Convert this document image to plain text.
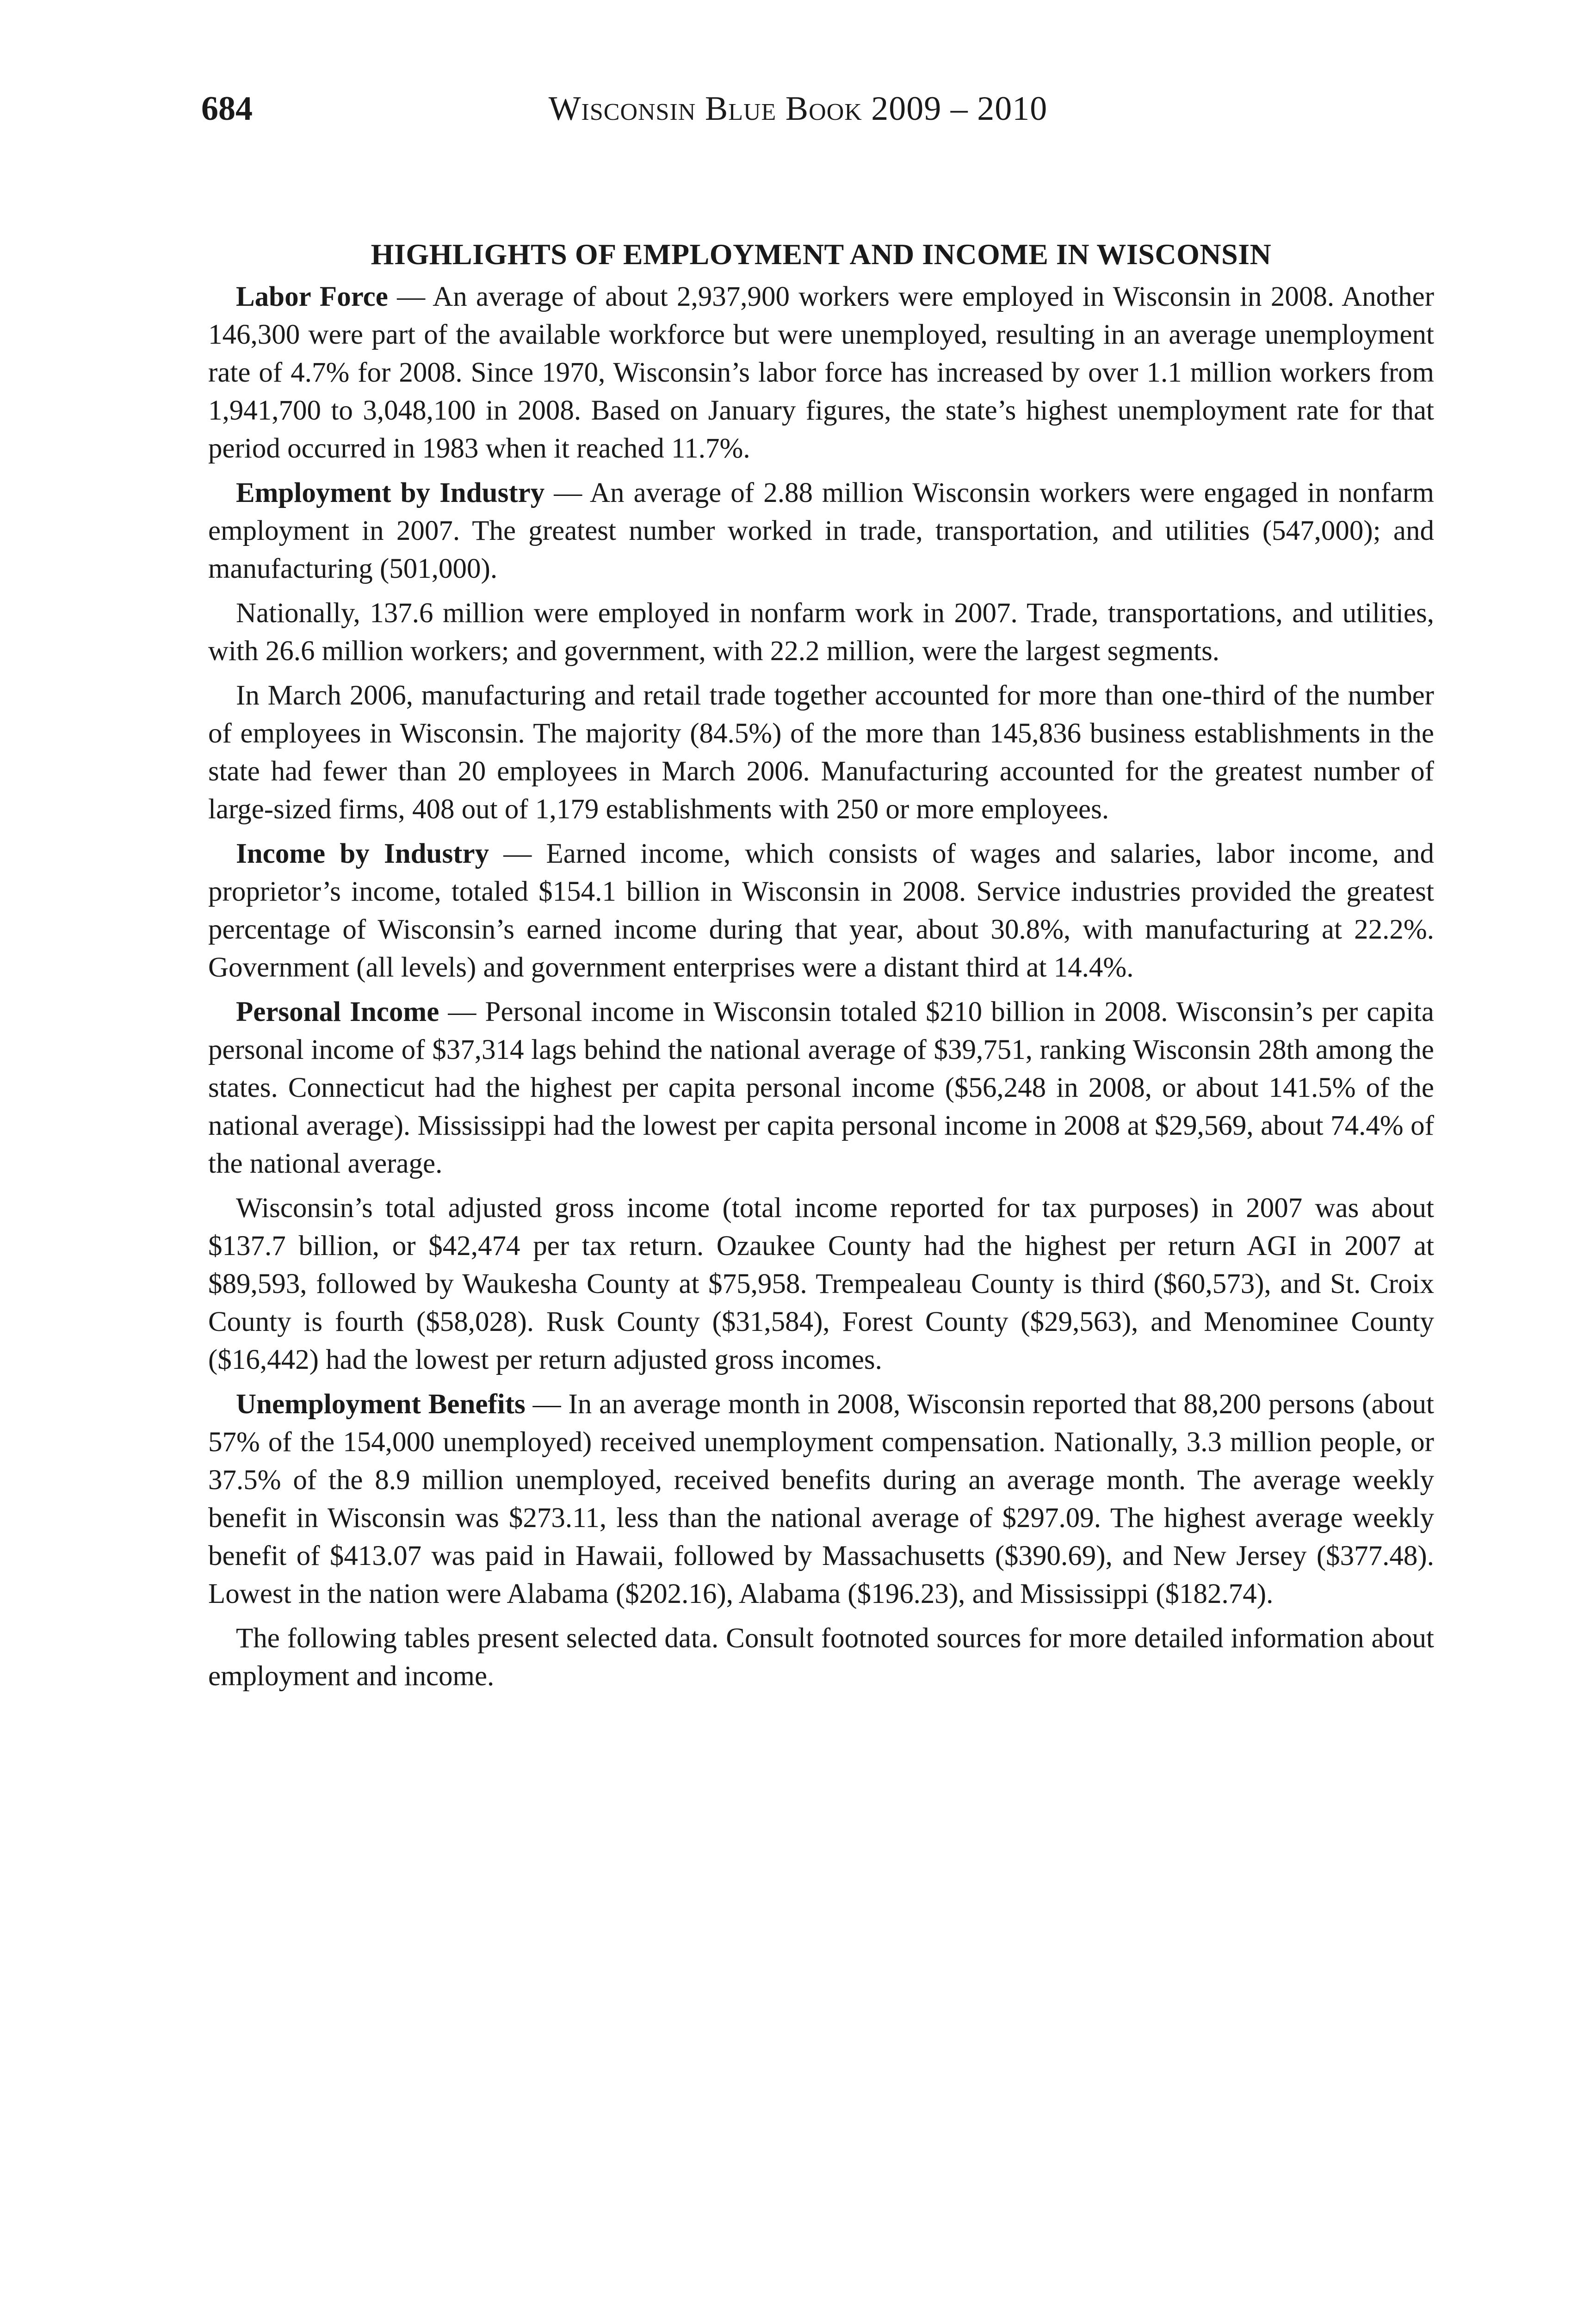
684	Wisconsin Blue Book 2009 – 2010
HIGHLIGHTS OF EMPLOYMENT AND INCOME IN WISCONSIN

Labor Force — An average of about 2,937,900 workers were employed in Wisconsin in 2008. Another 146,300 were part of the available workforce but were unemployed, resulting in an average unemployment rate of 4.7% for 2008. Since 1970, Wisconsin’s labor force has increased by over 1.1 million workers from 1,941,700 to 3,048,100 in 2008. Based on January figures, the state’s highest unemployment rate for that period occurred in 1983 when it reached 11.7%.

Employment by Industry — An average of 2.88 million Wisconsin workers were engaged in nonfarm employment in 2007. The greatest number worked in trade, transportation, and utilities (547,000); and manufacturing (501,000).

Nationally, 137.6 million were employed in nonfarm work in 2007. Trade, transportations, and utilities, with 26.6 million workers; and government, with 22.2 million, were the largest segments.

In March 2006, manufacturing and retail trade together accounted for more than one-third of the number of employees in Wisconsin. The majority (84.5%) of the more than 145,836 business establishments in the state had fewer than 20 employees in March 2006. Manufacturing accounted for the greatest number of large-sized firms, 408 out of 1,179 establishments with 250 or more employees.

Income by Industry — Earned income, which consists of wages and salaries, labor income, and proprietor’s income, totaled $154.1 billion in Wisconsin in 2008. Service industries provided the greatest percentage of Wisconsin’s earned income during that year, about 30.8%, with manufacturing at 22.2%. Government (all levels) and government enterprises were a distant third at 14.4%.

Personal Income — Personal income in Wisconsin totaled $210 billion in 2008. Wisconsin’s per capita personal income of $37,314 lags behind the national average of $39,751, ranking Wisconsin 28th among the states. Connecticut had the highest per capita personal income ($56,248 in 2008, or about 141.5% of the national average). Mississippi had the lowest per capita personal income in 2008 at $29,569, about 74.4% of the national average.

Wisconsin’s total adjusted gross income (total income reported for tax purposes) in 2007 was about $137.7 billion, or $42,474 per tax return. Ozaukee County had the highest per return AGI in 2007 at $89,593, followed by Waukesha County at $75,958. Trempealeau County is third ($60,573), and St. Croix County is fourth ($58,028). Rusk County ($31,584), Forest County ($29,563), and Menominee County ($16,442) had the lowest per return adjusted gross incomes.

Unemployment Benefits — In an average month in 2008, Wisconsin reported that 88,200 persons (about 57% of the 154,000 unemployed) received unemployment compensation. Nationally, 3.3 million people, or 37.5% of the 8.9 million unemployed, received benefits during an average month. The average weekly benefit in Wisconsin was $273.11, less than the national average of $297.09. The highest average weekly benefit of $413.07 was paid in Hawaii, followed by Massachusetts ($390.69), and New Jersey ($377.48). Lowest in the nation were Alabama ($202.16), Alabama ($196.23), and Mississippi ($182.74).

The following tables present selected data. Consult footnoted sources for more detailed information about employment and income.
